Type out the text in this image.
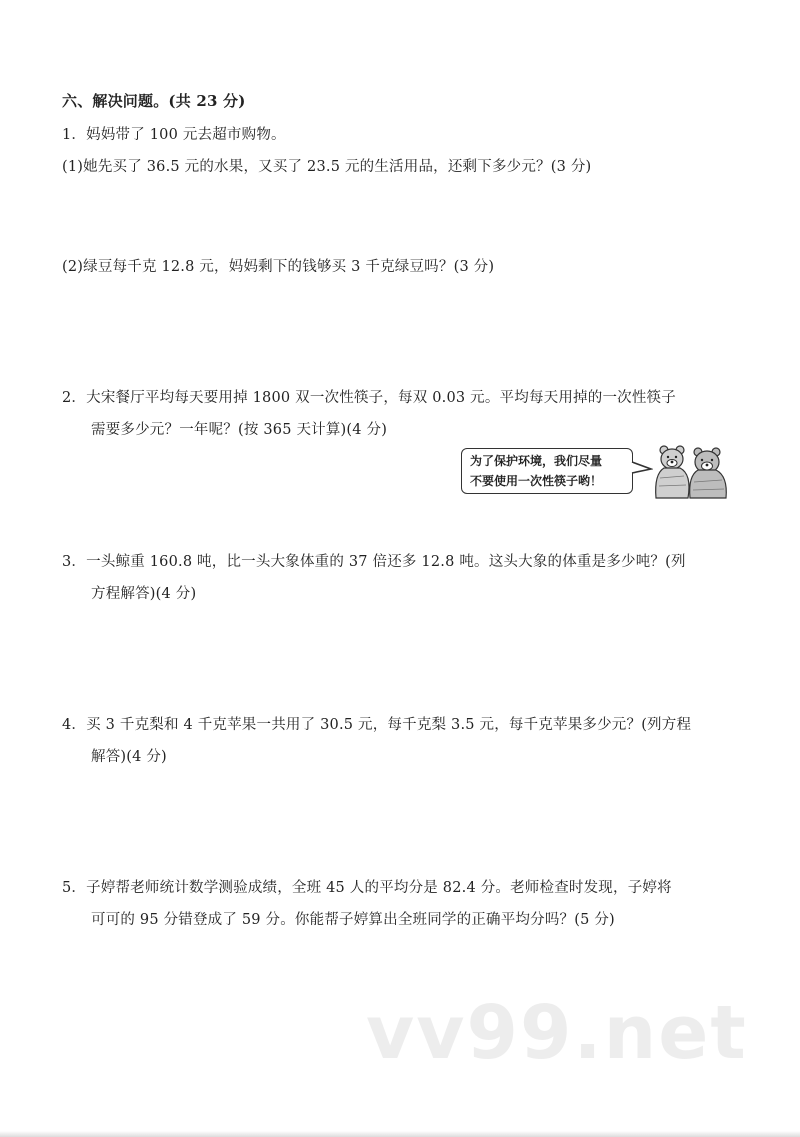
六、解决问题。(共 23 分)
1．妈妈带了 100 元去超市购物。
(1)她先买了 36.5 元的水果，又买了 23.5 元的生活用品，还剩下多少元？(3 分)
(2)绿豆每千克 12.8 元，妈妈剩下的钱够买 3 千克绿豆吗？(3 分)
2．大宋餐厅平均每天要用掉 1800 双一次性筷子，每双 0.03 元。平均每天用掉的一次性筷子
需要多少元？一年呢？(按 365 天计算)(4 分)
为了保护环境，我们尽量
不要使用一次性筷子哟！
3．一头鲸重 160.8 吨，比一头大象体重的 37 倍还多 12.8 吨。这头大象的体重是多少吨？(列
方程解答)(4 分)
4．买 3 千克梨和 4 千克苹果一共用了 30.5 元，每千克梨 3.5 元，每千克苹果多少元？(列方程
解答)(4 分)
5．子婷帮老师统计数学测验成绩，全班 45 人的平均分是 82.4 分。老师检查时发现，子婷将
可可的 95 分错登成了 59 分。你能帮子婷算出全班同学的正确平均分吗？(5 分)
vv99.net
